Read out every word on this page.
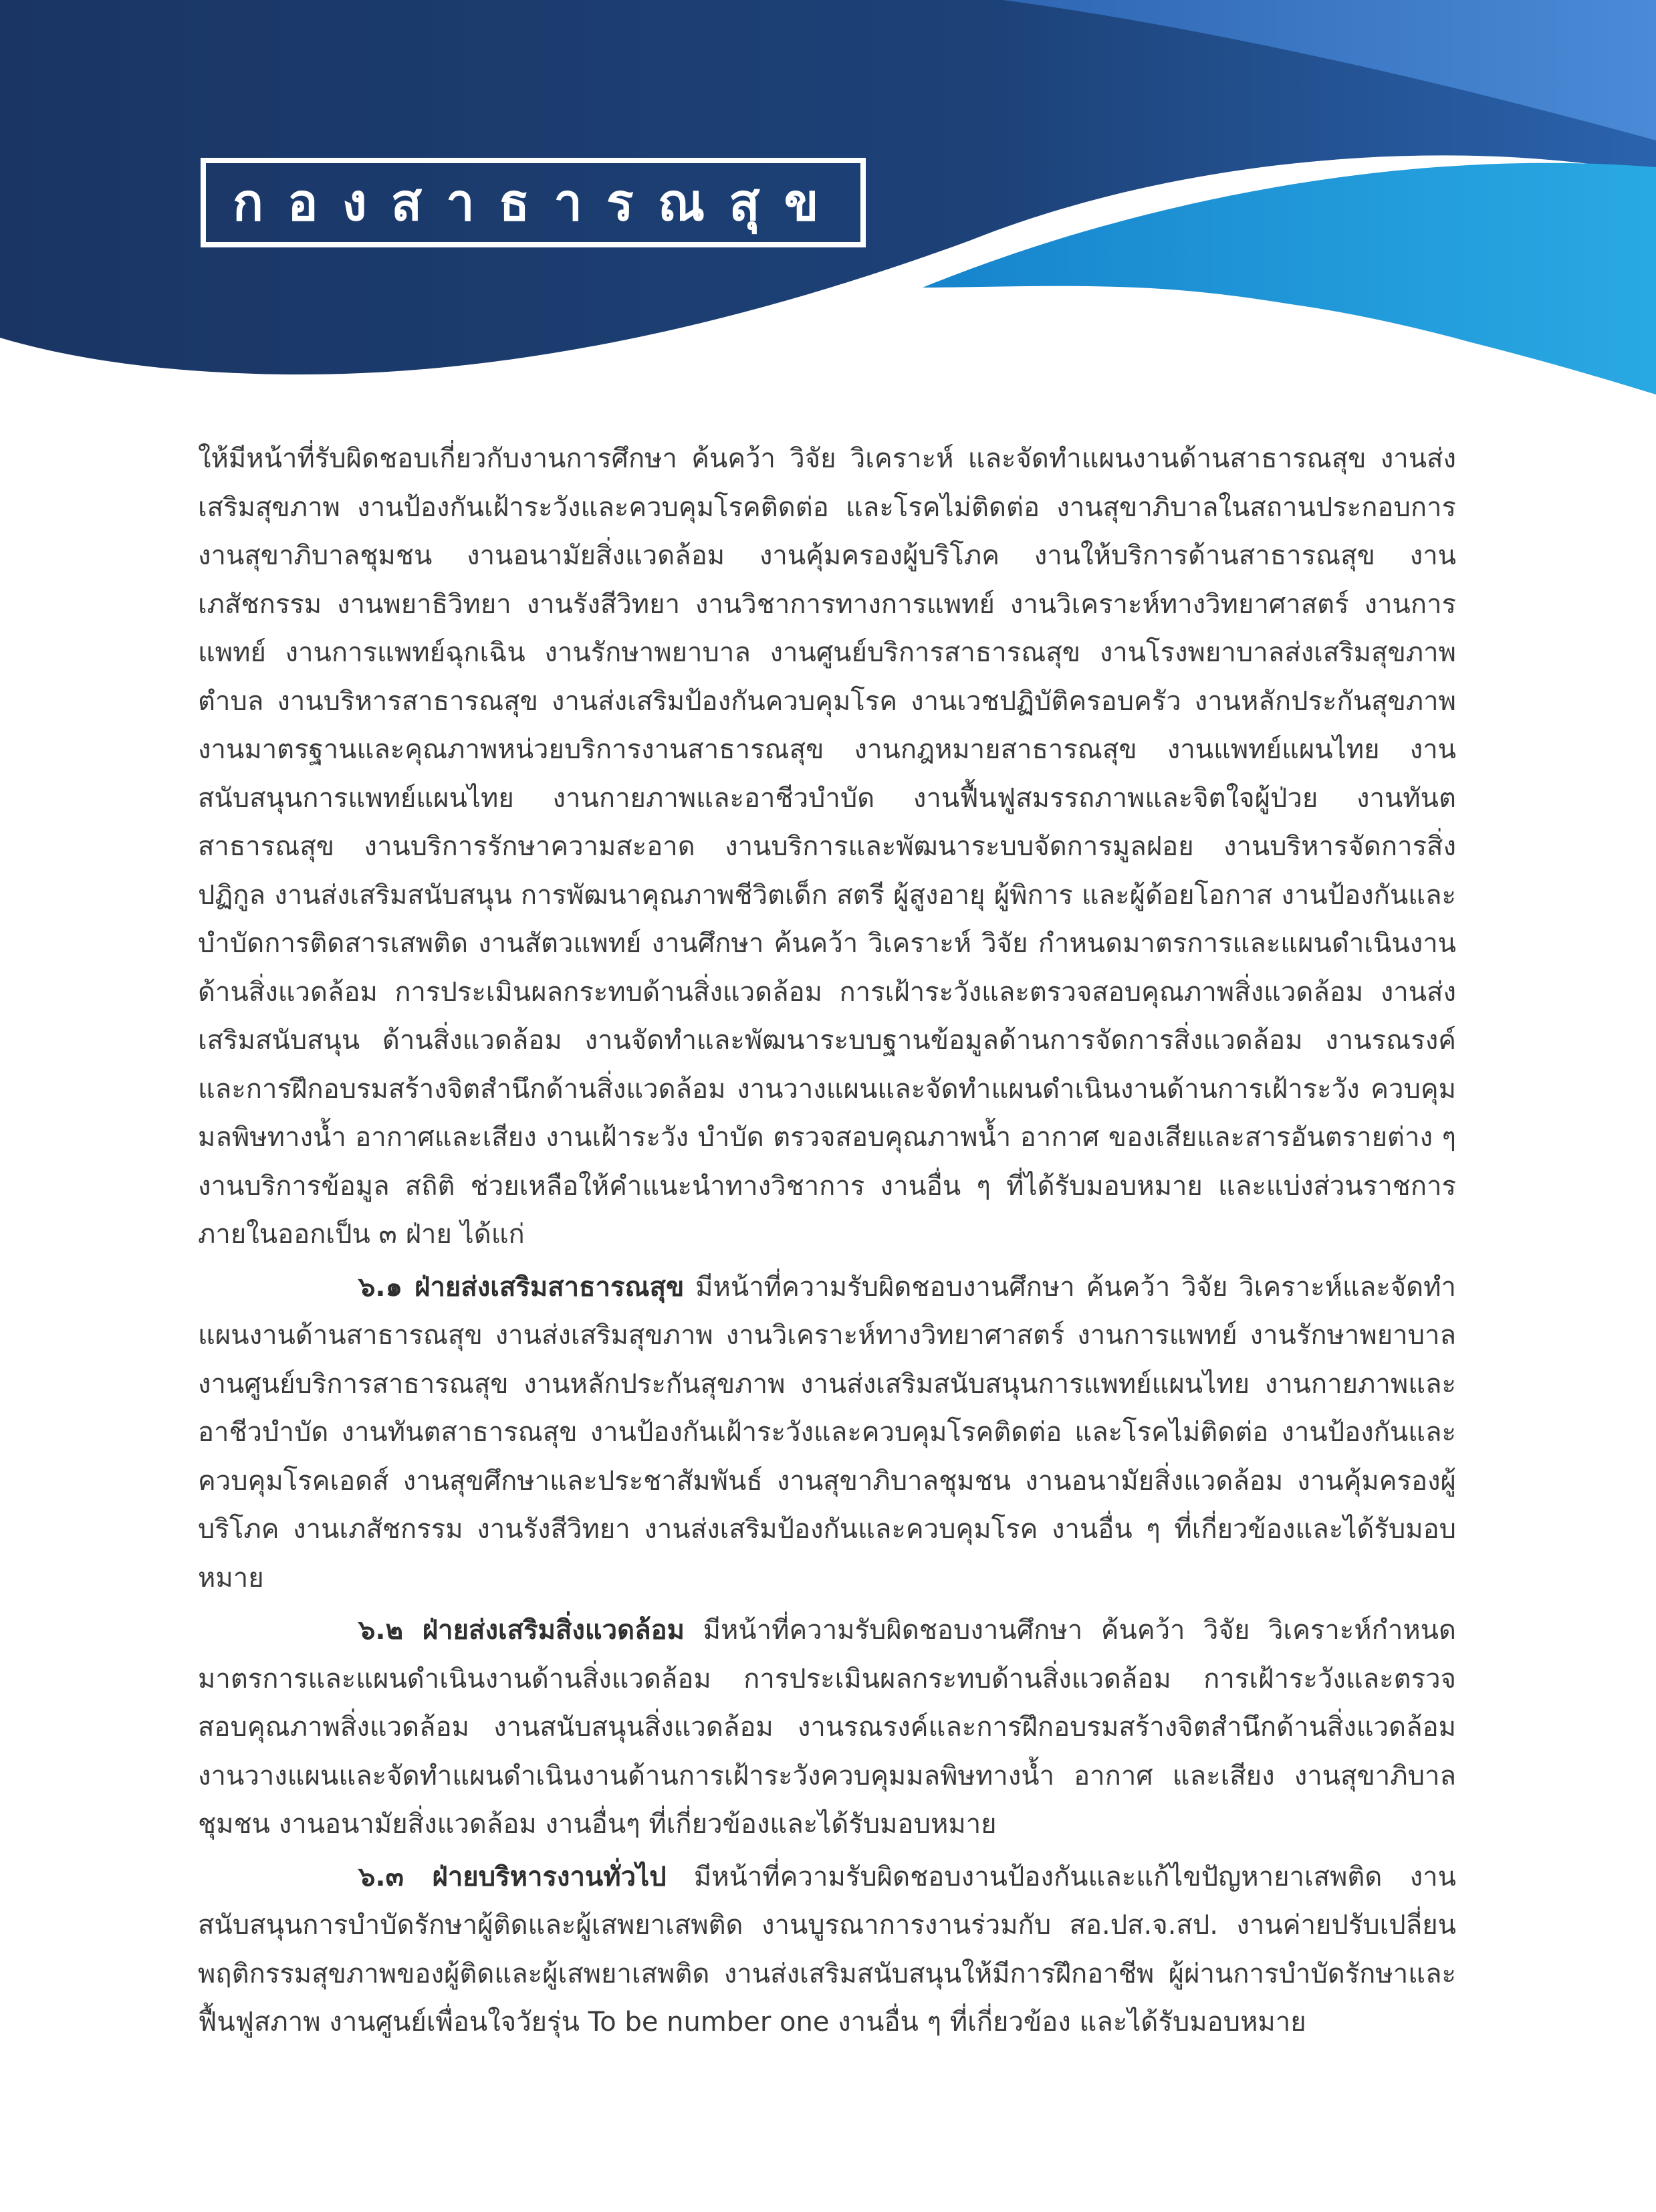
กองสาธารณสุข

ให้มีหน้าที่รับผิดชอบเกี่ยวกับงานการศึกษา ค้นคว้า วิจัย วิเคราะห์ และจัดทำแผนงานด้านสาธารณสุข งานส่งเสริมสุขภาพ งานป้องกันเฝ้าระวังและควบคุมโรคติดต่อ และโรคไม่ติดต่อ งานสุขาภิบาลในสถานประกอบการ งานสุขาภิบาลชุมชน งานอนามัยสิ่งแวดล้อม งานคุ้มครองผู้บริโภค งานให้บริการด้านสาธารณสุข งานเภสัชกรรม งานพยาธิวิทยา งานรังสีวิทยา งานวิชาการทางการแพทย์ งานวิเคราะห์ทางวิทยาศาสตร์ งานการแพทย์ งานการแพทย์ฉุกเฉิน งานรักษาพยาบาล งานศูนย์บริการสาธารณสุข งานโรงพยาบาลส่งเสริมสุขภาพตำบล งานบริหารสาธารณสุข งานส่งเสริมป้องกันควบคุมโรค งานเวชปฏิบัติครอบครัว งานหลักประกันสุขภาพ งานมาตรฐานและคุณภาพหน่วยบริการงานสาธารณสุข งานกฎหมายสาธารณสุข งานแพทย์แผนไทย งานสนับสนุนการแพทย์แผนไทย งานกายภาพและอาชีวบำบัด งานฟื้นฟูสมรรถภาพและจิตใจผู้ป่วย งานทันตสาธารณสุข งานบริการรักษาความสะอาด งานบริการและพัฒนาระบบจัดการมูลฝอย งานบริหารจัดการสิ่งปฏิกูล งานส่งเสริมสนับสนุน การพัฒนาคุณภาพชีวิตเด็ก สตรี ผู้สูงอายุ ผู้พิการ และผู้ด้อยโอกาส งานป้องกันและบำบัดการติดสารเสพติด งานสัตวแพทย์ งานศึกษา ค้นคว้า วิเคราะห์ วิจัย กำหนดมาตรการและแผนดำเนินงานด้านสิ่งแวดล้อม การประเมินผลกระทบด้านสิ่งแวดล้อม การเฝ้าระวังและตรวจสอบคุณภาพสิ่งแวดล้อม งานส่งเสริมสนับสนุน ด้านสิ่งแวดล้อม งานจัดทำและพัฒนาระบบฐานข้อมูลด้านการจัดการสิ่งแวดล้อม งานรณรงค์และการฝึกอบรมสร้างจิตสำนึกด้านสิ่งแวดล้อม งานวางแผนและจัดทำแผนดำเนินงานด้านการเฝ้าระวัง ควบคุมมลพิษทางน้ำ อากาศและเสียง งานเฝ้าระวัง บำบัด ตรวจสอบคุณภาพน้ำ อากาศ ของเสียและสารอันตรายต่าง ๆ งานบริการข้อมูล สถิติ ช่วยเหลือให้คำแนะนำทางวิชาการ งานอื่น ๆ ที่ได้รับมอบหมาย และแบ่งส่วนราชการภายในออกเป็น ๓ ฝ่าย ได้แก่

๖.๑ ฝ่ายส่งเสริมสาธารณสุข มีหน้าที่ความรับผิดชอบงานศึกษา ค้นคว้า วิจัย วิเคราะห์และจัดทำแผนงานด้านสาธารณสุข งานส่งเสริมสุขภาพ งานวิเคราะห์ทางวิทยาศาสตร์ งานการแพทย์ งานรักษาพยาบาล งานศูนย์บริการสาธารณสุข งานหลักประกันสุขภาพ งานส่งเสริมสนับสนุนการแพทย์แผนไทย งานกายภาพและอาชีวบำบัด งานทันตสาธารณสุข งานป้องกันเฝ้าระวังและควบคุมโรคติดต่อ และโรคไม่ติดต่อ งานป้องกันและควบคุมโรคเอดส์ งานสุขศึกษาและประชาสัมพันธ์ งานสุขาภิบาลชุมชน งานอนามัยสิ่งแวดล้อม งานคุ้มครองผู้บริโภค งานเภสัชกรรม งานรังสีวิทยา งานส่งเสริมป้องกันและควบคุมโรค งานอื่น ๆ ที่เกี่ยวข้องและได้รับมอบหมาย

๖.๒ ฝ่ายส่งเสริมสิ่งแวดล้อม มีหน้าที่ความรับผิดชอบงานศึกษา ค้นคว้า วิจัย วิเคราะห์กำหนดมาตรการและแผนดำเนินงานด้านสิ่งแวดล้อม การประเมินผลกระทบด้านสิ่งแวดล้อม การเฝ้าระวังและตรวจสอบคุณภาพสิ่งแวดล้อม งานสนับสนุนสิ่งแวดล้อม งานรณรงค์และการฝึกอบรมสร้างจิตสำนึกด้านสิ่งแวดล้อม งานวางแผนและจัดทำแผนดำเนินงานด้านการเฝ้าระวังควบคุมมลพิษทางน้ำ อากาศ และเสียง งานสุขาภิบาลชุมชน งานอนามัยสิ่งแวดล้อม งานอื่นๆ ที่เกี่ยวข้องและได้รับมอบหมาย

๖.๓ ฝ่ายบริหารงานทั่วไป มีหน้าที่ความรับผิดชอบงานป้องกันและแก้ไขปัญหายาเสพติด งานสนับสนุนการบำบัดรักษาผู้ติดและผู้เสพยาเสพติด งานบูรณาการงานร่วมกับ สอ.ปส.จ.สป. งานค่ายปรับเปลี่ยนพฤติกรรมสุขภาพของผู้ติดและผู้เสพยาเสพติด งานส่งเสริมสนับสนุนให้มีการฝึกอาชีพ ผู้ผ่านการบำบัดรักษาและฟื้นฟูสภาพ งานศูนย์เพื่อนใจวัยรุ่น To be number one งานอื่น ๆ ที่เกี่ยวข้อง และได้รับมอบหมาย
